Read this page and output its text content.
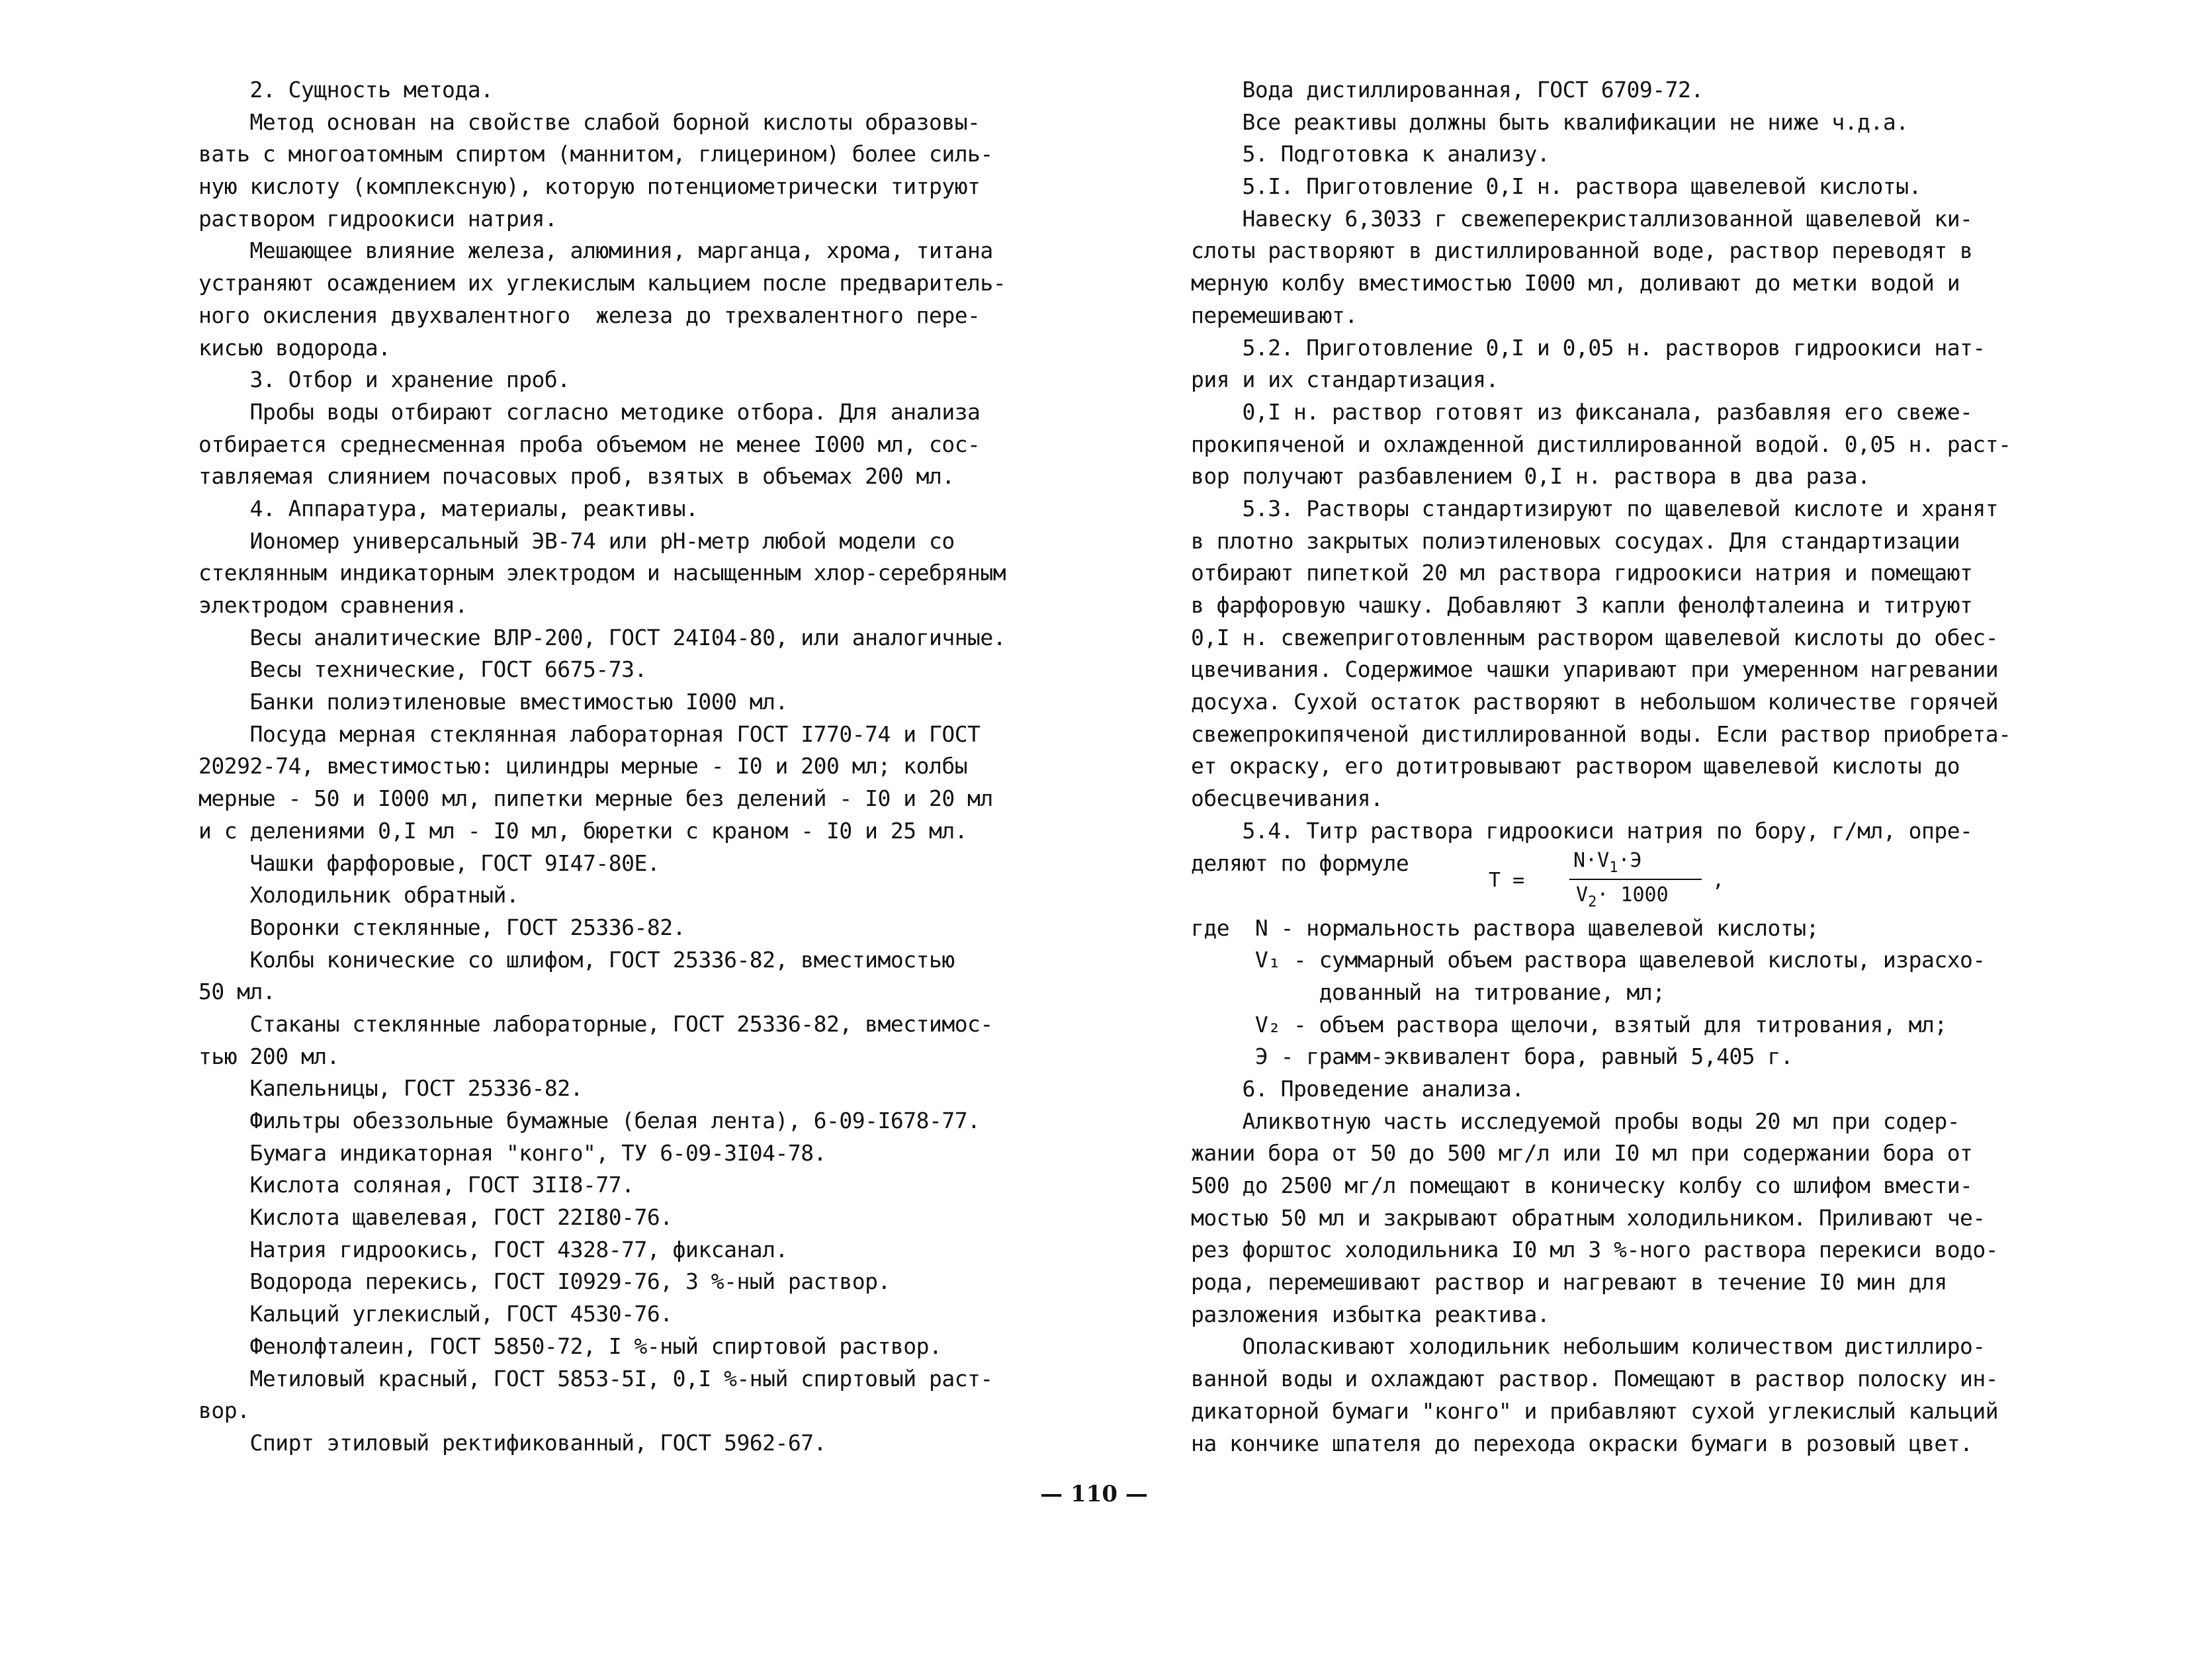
2. Сущность метода.
Метод основан на свойстве слабой борной кислоты образовы-
вать с многоатомным спиртом (маннитом, глицерином) более силь-
ную кислоту (комплексную), которую потенциометрически титруют
раствором гидроокиси натрия.
Мешающее влияние железа, алюминия, марганца, хрома, титана
устраняют осаждением их углекислым кальцием после предваритель-
ного окисления двухвалентного  железа до трехвалентного пере-
кисью водорода.
3. Отбор и хранение проб.
Пробы воды отбирают согласно методике отбора. Для анализа
отбирается среднесменная проба объемом не менее I000 мл, сос-
тавляемая слиянием почасовых проб, взятых в объемах 200 мл.
4. Аппаратура, материалы, реактивы.
Иономер универсальный ЭВ-74 или рН-метр любой модели со
стеклянным индикаторным электродом и насыщенным хлор-серебряным
электродом сравнения.
Весы аналитические ВЛР-200, ГОСТ 24I04-80, или аналогичные.
Весы технические, ГОСТ 6675-73.
Банки полиэтиленовые вместимостью I000 мл.
Посуда мерная стеклянная лабораторная ГОСТ I770-74 и ГОСТ
20292-74, вместимостью: цилиндры мерные - I0 и 200 мл; колбы
мерные - 50 и I000 мл, пипетки мерные без делений - I0 и 20 мл
и с делениями 0,I мл - I0 мл, бюретки с краном - I0 и 25 мл.
Чашки фарфоровые, ГОСТ 9I47-80Е.
Холодильник обратный.
Воронки стеклянные, ГОСТ 25336-82.
Колбы конические со шлифом, ГОСТ 25336-82, вместимостью
50 мл.
Стаканы стеклянные лабораторные, ГОСТ 25336-82, вместимос-
тью 200 мл.
Капельницы, ГОСТ 25336-82.
Фильтры обеззольные бумажные (белая лента), 6-09-I678-77.
Бумага индикаторная "конго", ТУ 6-09-3I04-78.
Кислота соляная, ГОСТ 3II8-77.
Кислота щавелевая, ГОСТ 22I80-76.
Натрия гидроокись, ГОСТ 4328-77, фиксанал.
Водорода перекись, ГОСТ I0929-76, 3 %-ный раствор.
Кальций углекислый, ГОСТ 4530-76.
Фенолфталеин, ГОСТ 5850-72, I %-ный спиртовой раствор.
Метиловый красный, ГОСТ 5853-5I, 0,I %-ный спиртовый раст-
вор.
Спирт этиловый ректификованный, ГОСТ 5962-67.
Вода дистиллированная, ГОСТ 6709-72.
Все реактивы должны быть квалификации не ниже ч.д.а.
5. Подготовка к анализу.
5.I. Приготовление 0,I н. раствора щавелевой кислоты.
Навеску 6,3033 г свежеперекристаллизованной щавелевой ки-
слоты растворяют в дистиллированной воде, раствор переводят в
мерную колбу вместимостью I000 мл, доливают до метки водой и
перемешивают.
5.2. Приготовление 0,I и 0,05 н. растворов гидроокиси нат-
рия и их стандартизация.
0,I н. раствор готовят из фиксанала, разбавляя его свеже-
прокипяченой и охлажденной дистиллированной водой. 0,05 н. раст-
вор получают разбавлением 0,I н. раствора в два раза.
5.3. Растворы стандартизируют по щавелевой кислоте и хранят
в плотно закрытых полиэтиленовых сосудах. Для стандартизации
отбирают пипеткой 20 мл раствора гидроокиси натрия и помещают
в фарфоровую чашку. Добавляют 3 капли фенолфталеина и титруют
0,I н. свежеприготовленным раствором щавелевой кислоты до обес-
цвечивания. Содержимое чашки упаривают при умеренном нагревании
досуха. Сухой остаток растворяют в небольшом количестве горячей
свежепрокипяченой дистиллированной воды. Если раствор приобрета-
ет окраску, его дотитровывают раствором щавелевой кислоты до
обесцвечивания.
5.4. Титр раствора гидроокиси натрия по бору, г/мл, опре-
деляют по формуле
Т =
$N\cdot V_1\cdot Э$
$V_2\cdot 1000$
,
где  N - нормальность раствора щавелевой кислоты;
V₁ - суммарный объем раствора щавелевой кислоты, израсхо-
дованный на титрование, мл;
V₂ - объем раствора щелочи, взятый для титрования, мл;
Э - грамм-эквивалент бора, равный 5,405 г.
6. Проведение анализа.
Аликвотную часть исследуемой пробы воды 20 мл при содер-
жании бора от 50 до 500 мг/л или I0 мл при содержании бора от
500 до 2500 мг/л помещают в коническу колбу со шлифом вмести-
мостью 50 мл и закрывают обратным холодильником. Приливают че-
рез форштос холодильника I0 мл 3 %-ного раствора перекиси водо-
рода, перемешивают раствор и нагревают в течение I0 мин для
разложения избытка реактива.
Ополаскивают холодильник небольшим количеством дистиллиро-
ванной воды и охлаждают раствор. Помещают в раствор полоску ин-
дикаторной бумаги "конго" и прибавляют сухой углекислый кальций
на кончике шпателя до перехода окраски бумаги в розовый цвет.
— 110 —
